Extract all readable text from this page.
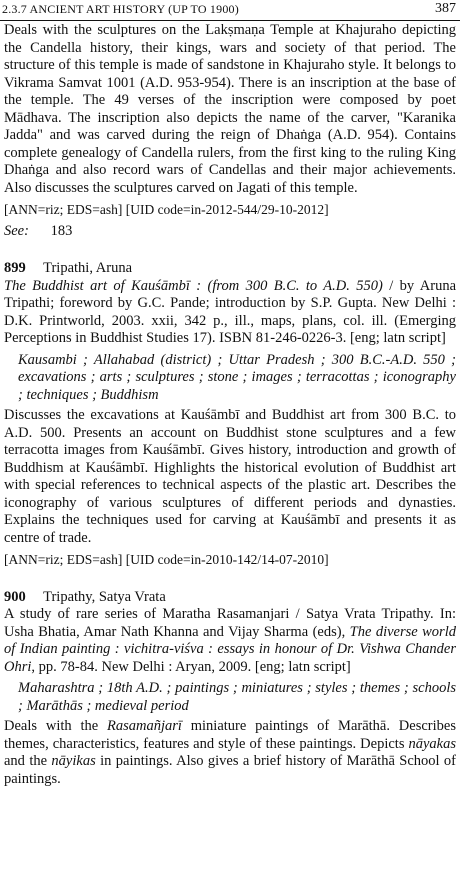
2.3.7 ANCIENT ART HISTORY (UP TO 1900)	387

Deals with the sculptures on the Lakṣmaṇa Temple at Khajuraho depicting the Candella history, their kings, wars and society of that period. The structure of this temple is made of sandstone in Khajuraho style. It belongs to Vikrama Samvat 1001 (A.D. 953-954). There is an inscription at the base of the temple. The 49 verses of the inscription were composed by poet Mādhava. The inscription also depicts the name of the carver, "Karanika Jadda" and was carved during the reign of Dhaṅga (A.D. 954). Contains complete genealogy of Candella rulers, from the first king to the ruling King Dhaṅga and also record wars of Candellas and their major achievements. Also discusses the sculptures carved on Jagati of this temple.

[ANN=riz; EDS=ash] [UID code=in-2012-544/29-10-2012]
See: 183
899 Tripathi, Aruna

The Buddhist art of Kauśāmbī : (from 300 B.C. to A.D. 550) / by Aruna Tripathi; foreword by G.C. Pande; introduction by S.P. Gupta. New Delhi : D.K. Printworld, 2003. xxii, 342 p., ill., maps, plans, col. ill. (Emerging Perceptions in Buddhist Studies 17). ISBN 81-246-0226-3. [eng; latn script]

Kausambi ; Allahabad (district) ; Uttar Pradesh ; 300 B.C.-A.D. 550 ; excavations ; arts ; sculptures ; stone ; images ; terracottas ; iconography ; techniques ; Buddhism

Discusses the excavations at Kauśāmbī and Buddhist art from 300 B.C. to A.D. 500. Presents an account on Buddhist stone sculptures and a few terracotta images from Kauśāmbī. Gives history, introduction and growth of Buddhism at Kauśāmbī. Highlights the historical evolution of Buddhist art with special references to technical aspects of the plastic art. Describes the iconography of various sculptures of different periods and dynasties. Explains the techniques used for carving at Kauśāmbī and presents it as centre of trade.

[ANN=riz; EDS=ash] [UID code=in-2010-142/14-07-2010]
900 Tripathy, Satya Vrata

A study of rare series of Maratha Rasamanjari / Satya Vrata Tripathy. In: Usha Bhatia, Amar Nath Khanna and Vijay Sharma (eds), The diverse world of Indian painting : vichitra-viśva : essays in honour of Dr. Vishwa Chander Ohri, pp. 78-84. New Delhi : Aryan, 2009. [eng; latn script]

Maharashtra ; 18th A.D. ; paintings ; miniatures ; styles ; themes ; schools ; Marāthās ; medieval period

Deals with the Rasamañjarī miniature paintings of Marāthā. Describes themes, characteristics, features and style of these paintings. Depicts nāyakas and the nāyikas in paintings. Also gives a brief history of Marāthā School of paintings.
